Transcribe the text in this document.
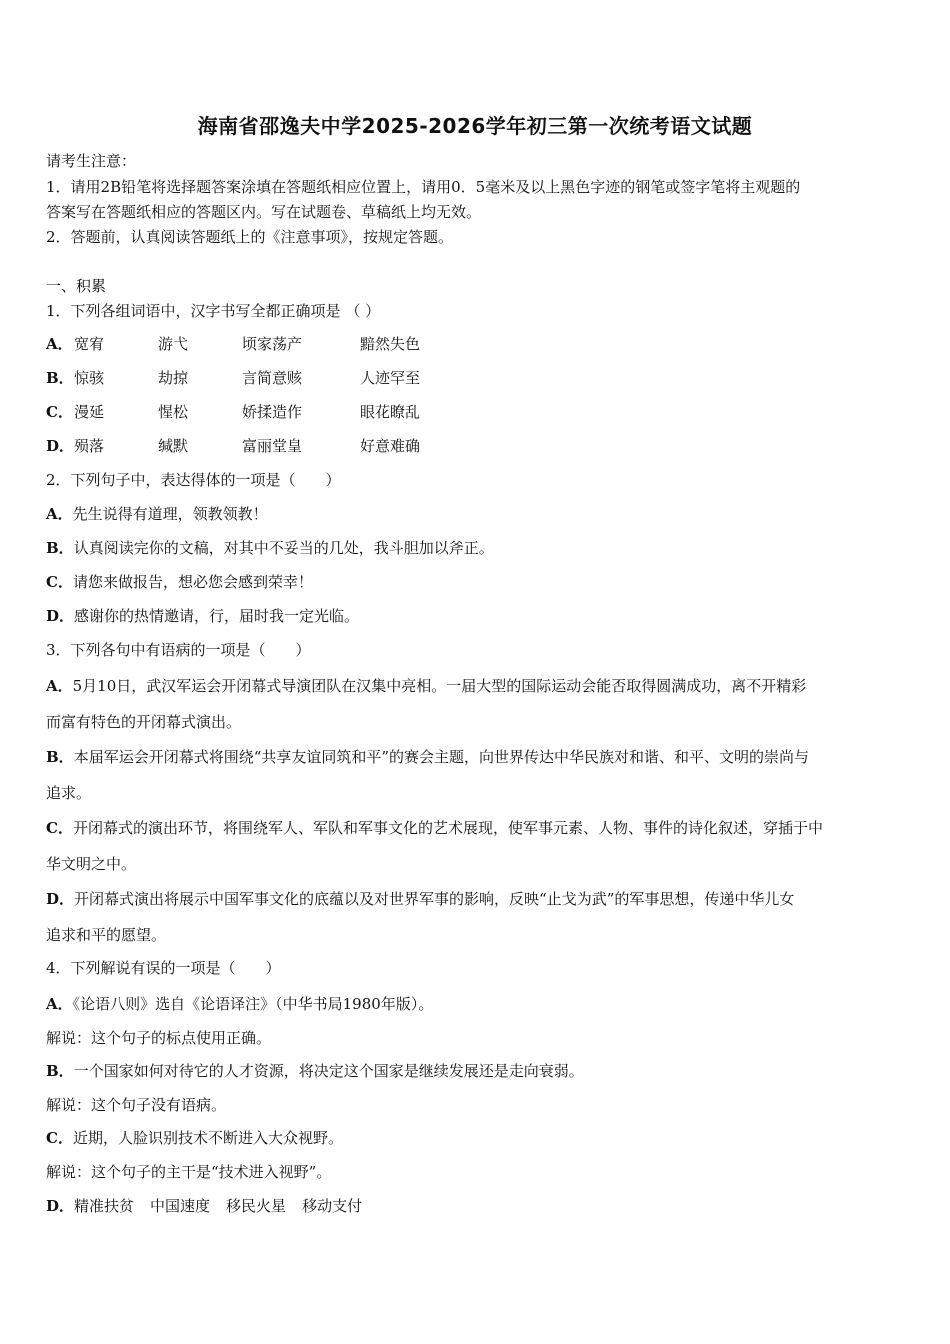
海南省邵逸夫中学2025-2026学年初三第一次统考语文试题
请考生注意：
1．请用2B铅笔将选择题答案涂填在答题纸相应位置上，请用0．5毫米及以上黑色字迹的钢笔或签字笔将主观题的
答案写在答题纸相应的答题区内。写在试题卷、草稿纸上均无效。
2．答题前，认真阅读答题纸上的《注意事项》，按规定答题。
一、积累
1．下列各组词语中，汉字书写全都正确项是 （ ）
A．宽宥	游弋	顷家荡产	黯然失色
B．惊骇	劫掠	言简意赅	人迹罕至
C．漫延	惺松	娇揉造作	眼花瞭乱
D．殒落	缄默	富丽堂皇	好意难确
2．下列句子中，表达得体的一项是（　　）
A．先生说得有道理，领教领教！
B．认真阅读完你的文稿，对其中不妥当的几处，我斗胆加以斧正。
C．请您来做报告，想必您会感到荣幸！
D．感谢你的热情邀请，行，届时我一定光临。
3．下列各句中有语病的一项是（　　）
A．5月10日，武汉军运会开闭幕式导演团队在汉集中亮相。一届大型的国际运动会能否取得圆满成功，离不开精彩
而富有特色的开闭幕式演出。
B．本届军运会开闭幕式将围绕“共享友谊同筑和平”的赛会主题，向世界传达中华民族对和谐、和平、文明的崇尚与
追求。
C．开闭幕式的演出环节，将围绕军人、军队和军事文化的艺术展现，使军事元素、人物、事件的诗化叙述，穿插于中
华文明之中。
D．开闭幕式演出将展示中国军事文化的底蕴以及对世界军事的影响，反映“止戈为武”的军事思想，传递中华儿女
追求和平的愿望。
4．下列解说有误的一项是（　　）
A．《论语八则》选自《论语译注》（中华书局1980年版）。
解说：这个句子的标点使用正确。
B．一个国家如何对待它的人才资源，将决定这个国家是继续发展还是走向衰弱。
解说：这个句子没有语病。
C．近期，人脸识别技术不断进入大众视野。
解说：这个句子的主干是“技术进入视野”。
D．精准扶贫 中国速度 移民火星 移动支付
